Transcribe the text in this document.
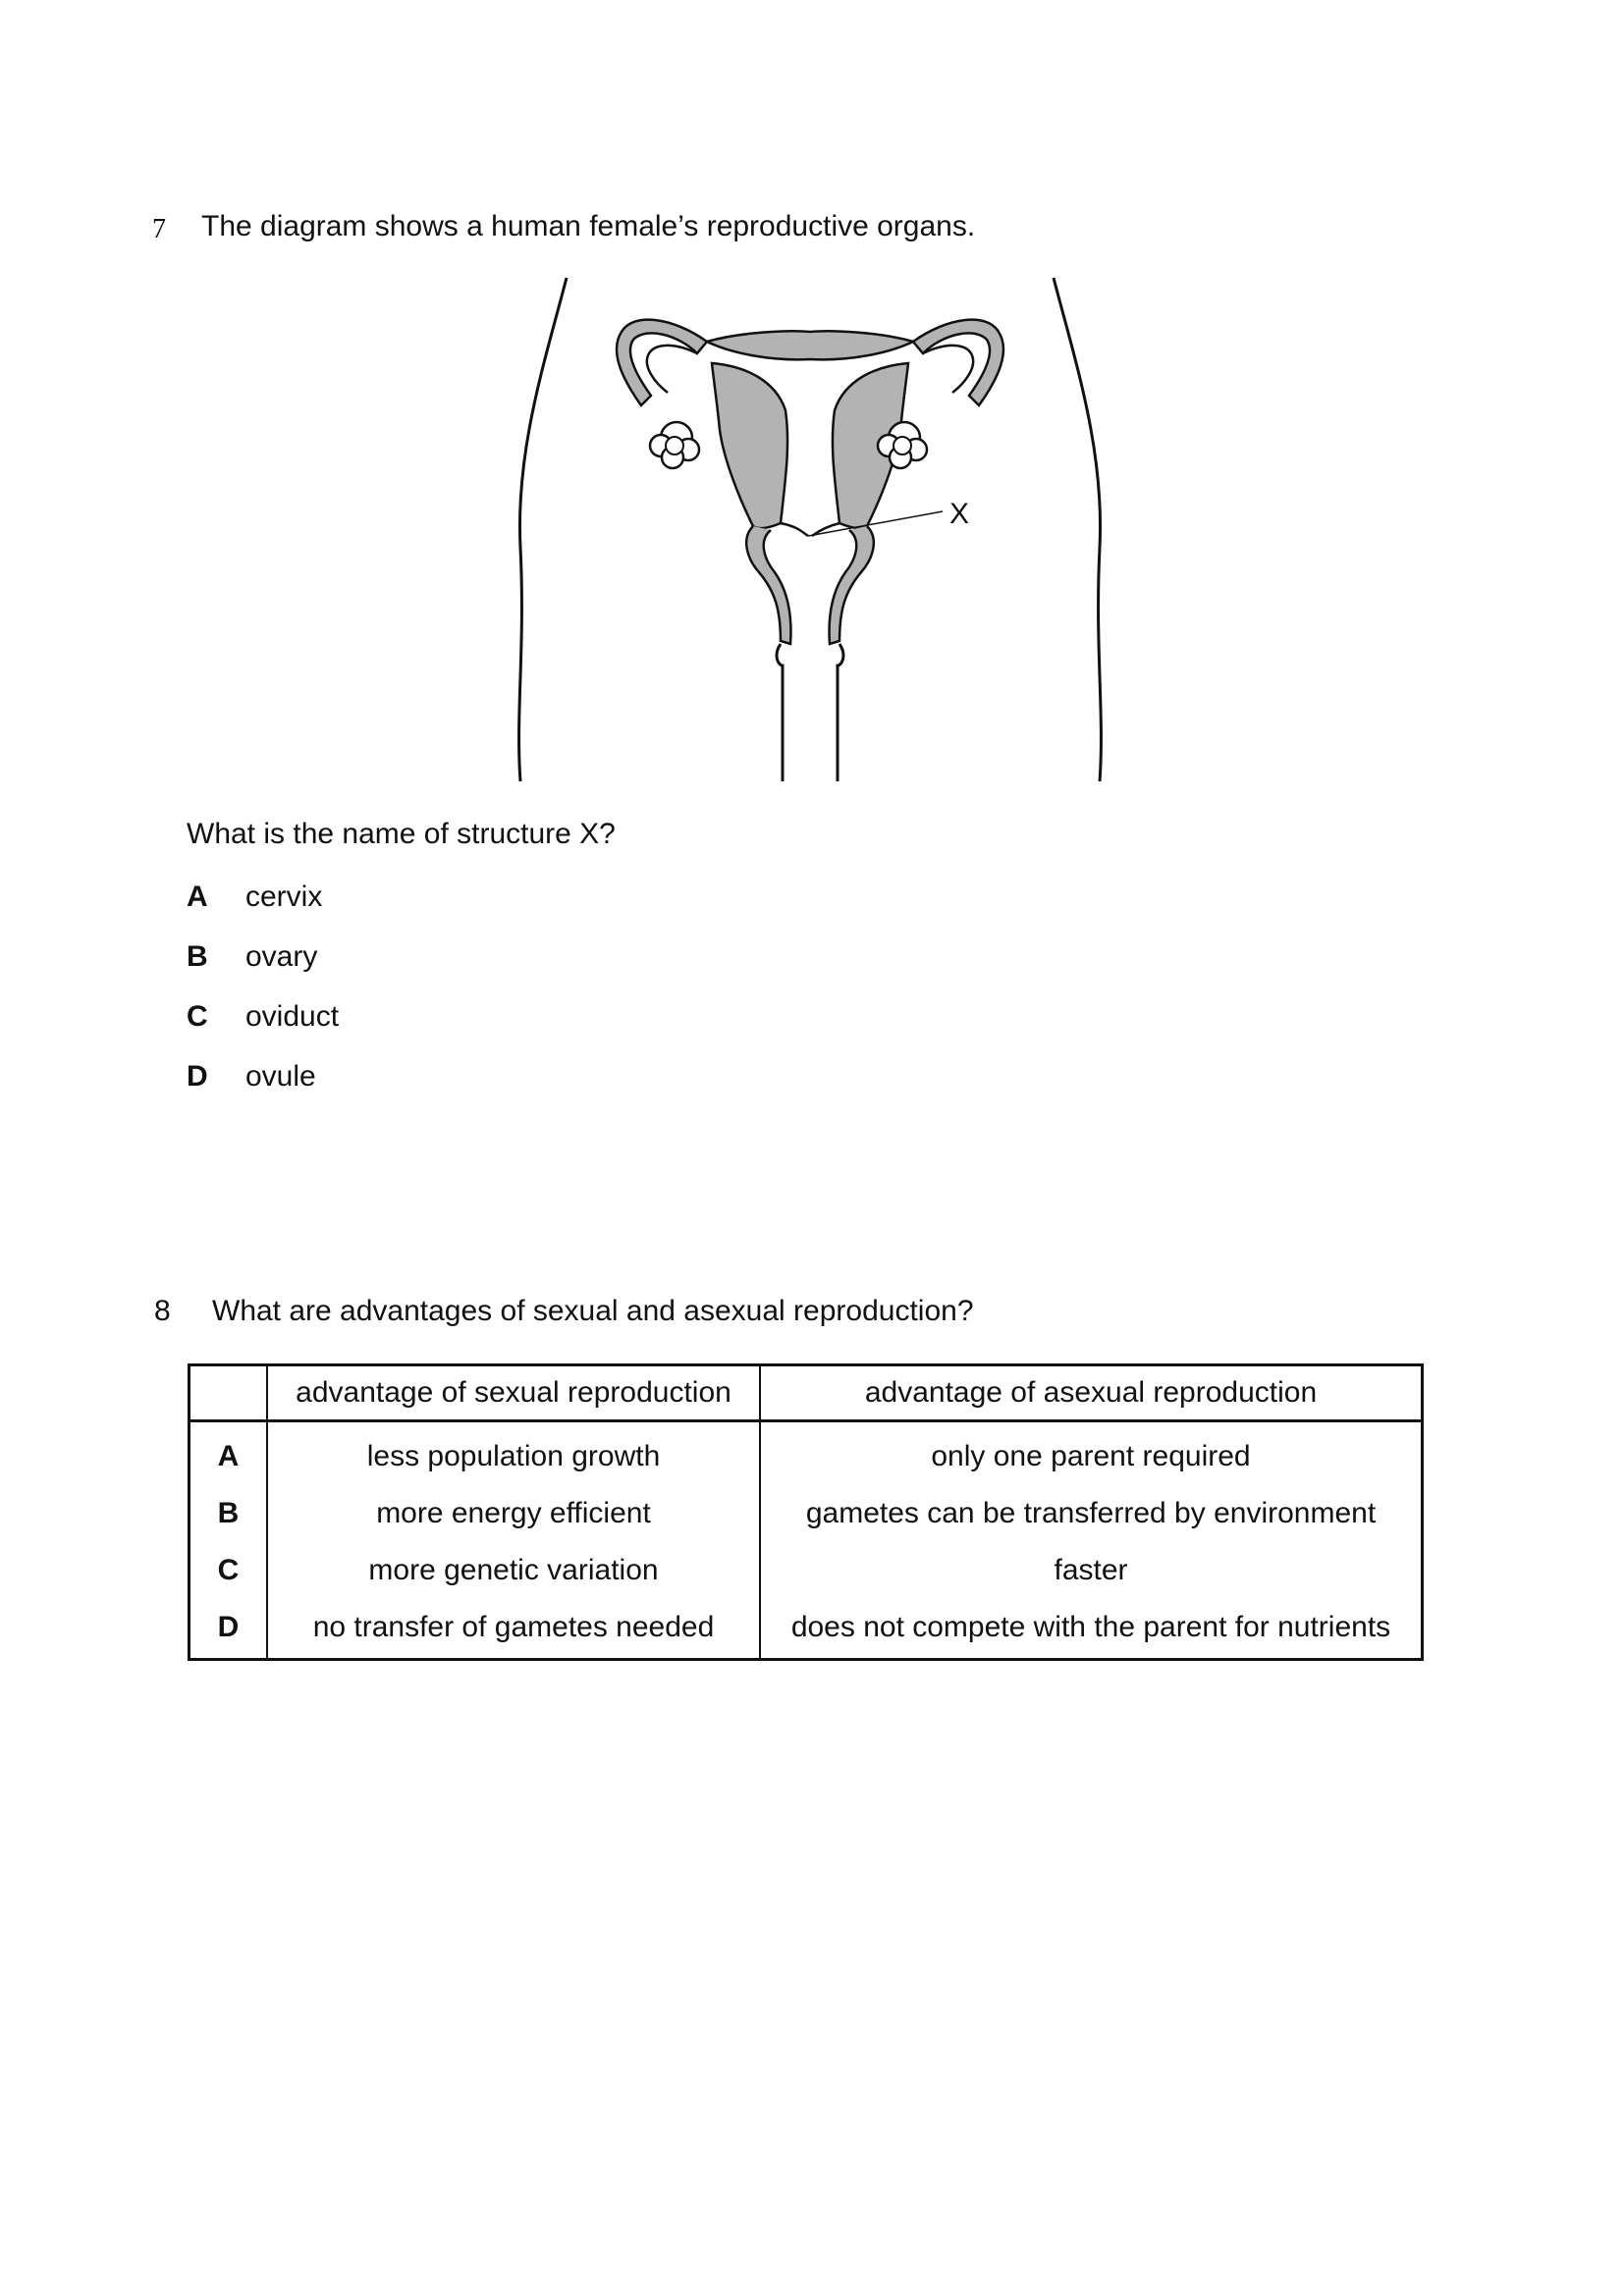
7 The diagram shows a human female’s reproductive organs.
X
What is the name of structure X?
A	cervix
B	ovary
C	oviduct
D	ovule
8 What are advantages of sexual and asexual reproduction?
	advantage of sexual reproduction	advantage of asexual reproduction
A	less population growth	only one parent required
B	more energy efficient	gametes can be transferred by environment
C	more genetic variation	faster
D	no transfer of gametes needed	does not compete with the parent for nutrients
